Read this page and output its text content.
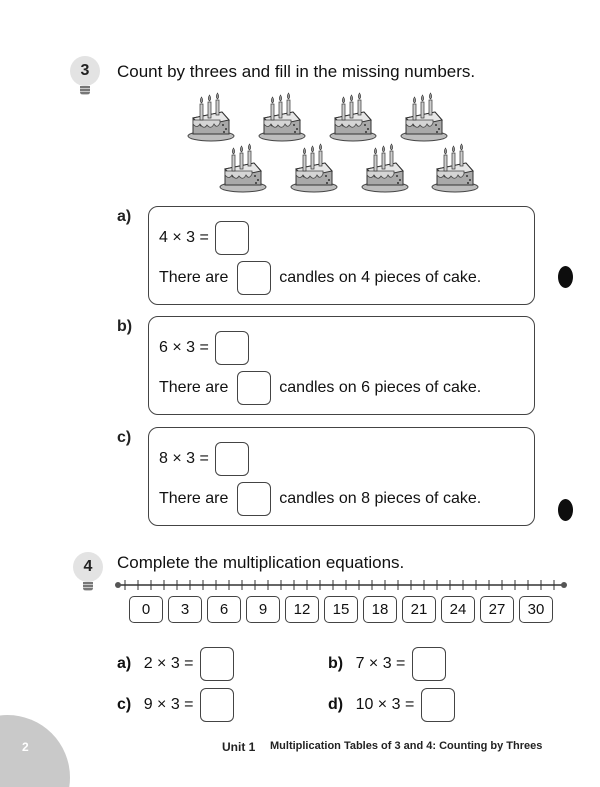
3	Count by threes and fill in the missing numbers.
a)
4 × 3 =
There are	candles on 4 pieces of cake.
b)
6 × 3 =
There are	candles on 6 pieces of cake.
c)
8 × 3 =
There are	candles on 8 pieces of cake.
4	Complete the multiplication equations.
0	3	6	9	12	15	18	21	24	27	30
a) 2 × 3 =	b) 7 × 3 =
c) 9 × 3 =	d) 10 × 3 =
2	Unit 1 Multiplication Tables of 3 and 4: Counting by Threes
